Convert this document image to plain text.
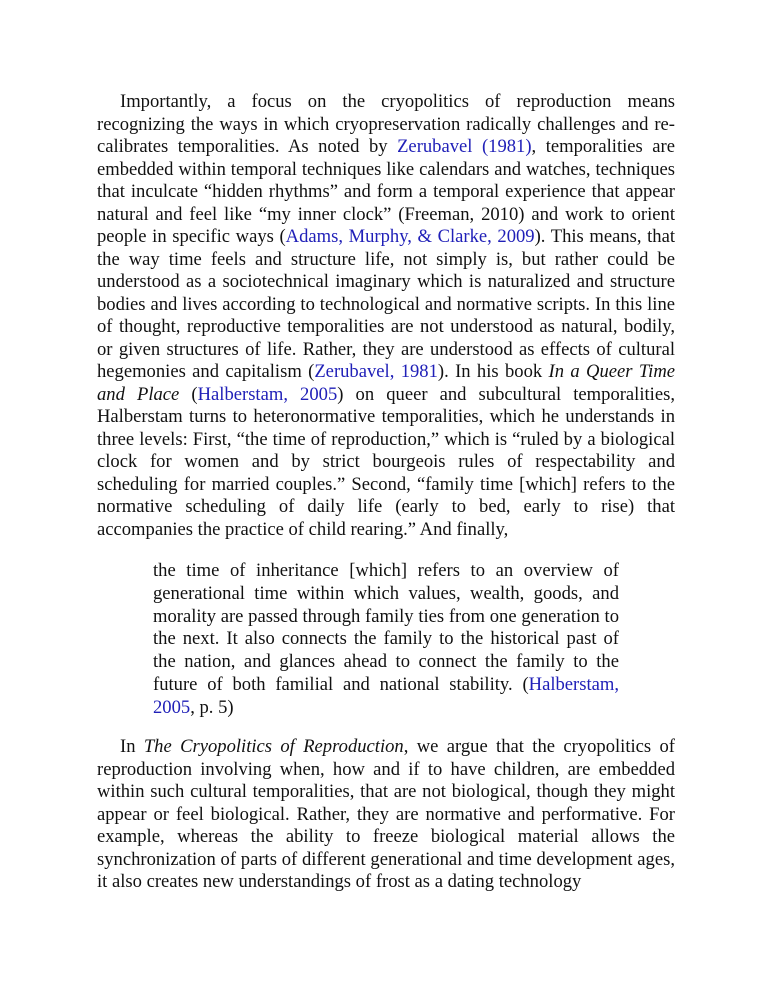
Importantly, a focus on the cryopolitics of reproduction means recognizing the ways in which cryopreservation radically challenges and re-calibrates temporalities. As noted by Zerubavel (1981), temporalities are embedded within temporal techniques like calendars and watches, techniques that inculcate “hidden rhythms” and form a temporal experience that appear natural and feel like “my inner clock” (Freeman, 2010) and work to orient people in specific ways (Adams, Murphy, & Clarke, 2009). This means, that the way time feels and structure life, not simply is, but rather could be understood as a sociotechnical imaginary which is naturalized and structure bodies and lives according to technological and normative scripts. In this line of thought, reproductive temporalities are not understood as natural, bodily, or given structures of life. Rather, they are understood as effects of cultural hegemonies and capitalism (Zerubavel, 1981). In his book In a Queer Time and Place (Halberstam, 2005) on queer and subcultural temporalities, Halberstam turns to heteronormative temporalities, which he understands in three levels: First, “the time of reproduction,” which is “ruled by a biological clock for women and by strict bourgeois rules of respectability and scheduling for married couples.” Second, “family time [which] refers to the normative scheduling of daily life (early to bed, early to rise) that accompanies the practice of child rearing.” And finally,

the time of inheritance [which] refers to an overview of generational time within which values, wealth, goods, and morality are passed through family ties from one generation to the next. It also connects the family to the historical past of the nation, and glances ahead to connect the family to the future of both familial and national stability. (Halberstam, 2005, p. 5)

In The Cryopolitics of Reproduction, we argue that the cryopolitics of reproduction involving when, how and if to have children, are embedded within such cultural temporalities, that are not biological, though they might appear or feel biological. Rather, they are normative and performative. For example, whereas the ability to freeze biological material allows the synchronization of parts of different generational and time development ages, it also creates new understandings of frost as a dating technology
